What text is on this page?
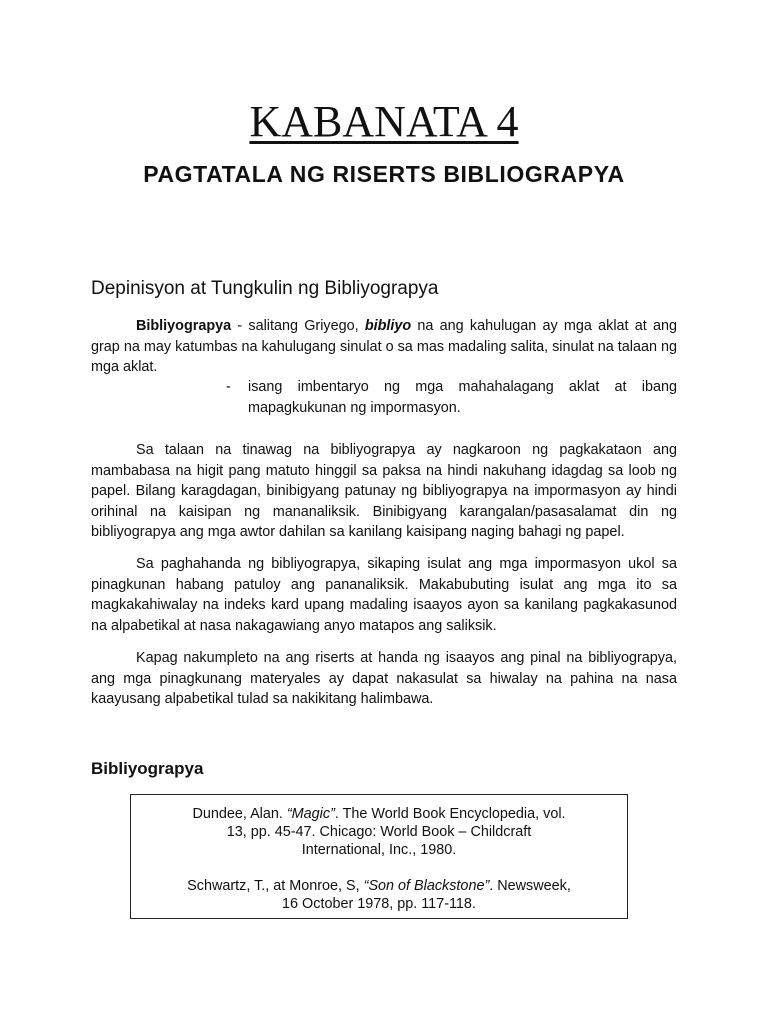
KABANATA 4
PAGTATALA NG RISERTS BIBLIOGRAPYA
Depinisyon at Tungkulin ng Bibliyograpya

Bibliyograpya - salitang Griyego, bibliyo na ang kahulugan ay mga aklat at ang grap na may katumbas na kahulugang sinulat o sa mas madaling salita, sinulat na talaan ng mga aklat.

-	isang imbentaryo ng mga mahahalagang aklat at ibang mapagkukunan ng impormasyon.

Sa talaan na tinawag na bibliyograpya ay nagkaroon ng pagkakataon ang mambabasa na higit pang matuto hinggil sa paksa na hindi nakuhang idagdag sa loob ng papel. Bilang karagdagan, binibigyang patunay ng bibliyograpya na impormasyon ay hindi orihinal na kaisipan ng mananaliksik. Binibigyang karangalan/pasasalamat din ng bibliyograpya ang mga awtor dahilan sa kanilang kaisipang naging bahagi ng papel.

Sa paghahanda ng bibliyograpya, sikaping isulat ang mga impormasyon ukol sa pinagkunan habang patuloy ang pananaliksik. Makabubuting isulat ang mga ito sa magkakahiwalay na indeks kard upang madaling isaayos ayon sa kanilang pagkakasunod na alpabetikal at nasa nakagawiang anyo matapos ang saliksik.

Kapag nakumpleto na ang riserts at handa ng isaayos ang pinal na bibliyograpya, ang mga pinagkunang materyales ay dapat nakasulat sa hiwalay na pahina na nasa kaayusang alpabetikal tulad sa nakikitang halimbawa.

Bibliyograpya

Dundee, Alan. “Magic”. The World Book Encyclopedia, vol.
13, pp. 45-47. Chicago: World Book – Childcraft
International, Inc., 1980.

Schwartz, T., at Monroe, S, “Son of Blackstone”. Newsweek,
16 October 1978, pp. 117-118.
